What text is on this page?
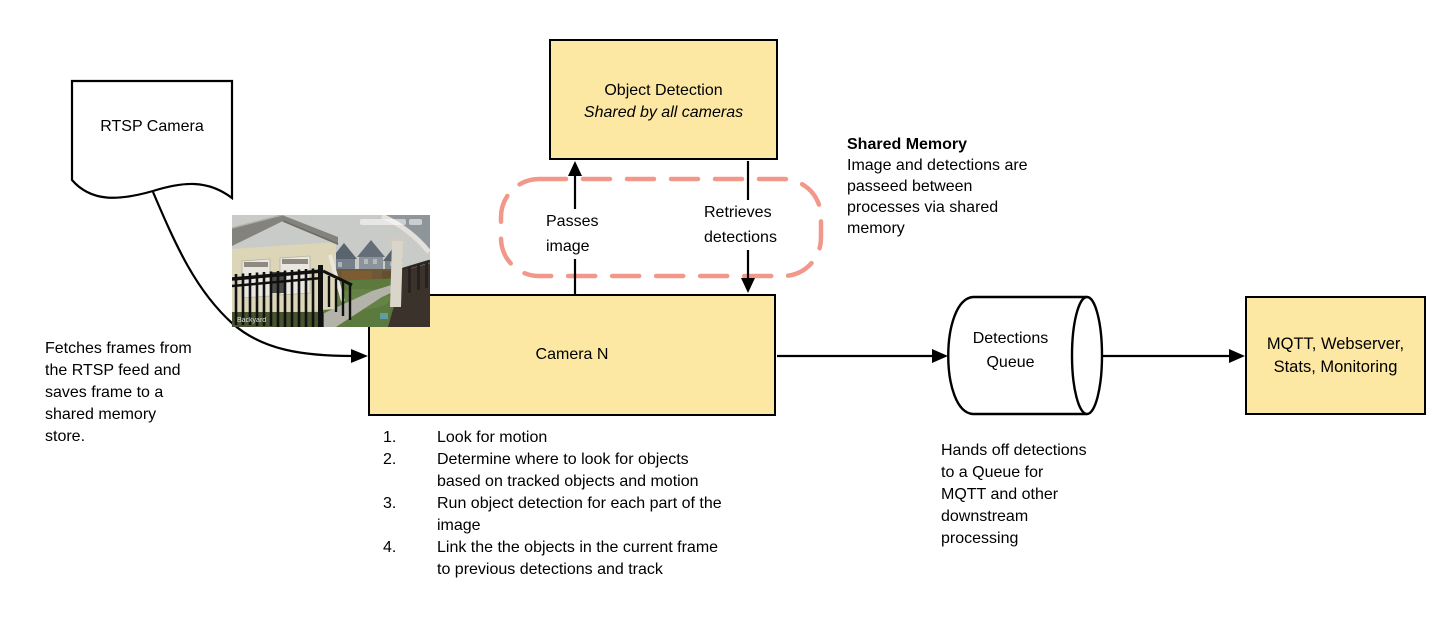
RTSP Camera
Fetches frames from
the RTSP feed and
saves frame to a
shared memory
store.
Object Detection
Shared by all cameras
Shared Memory
Image and detections are
passeed between
processes via shared
memory
Passes
image
Retrieves
detections
Camera N
Backyard
1.	Look for motion
2.	Determine where to look for objects
based on tracked objects and motion
3.	Run object detection for each part of the
image
4.	Link the the objects in the current frame
to previous detections and track
Detections
Queue
Hands off detections
to a Queue for
MQTT and other
downstream
processing
MQTT, Webserver,
Stats, Monitoring
